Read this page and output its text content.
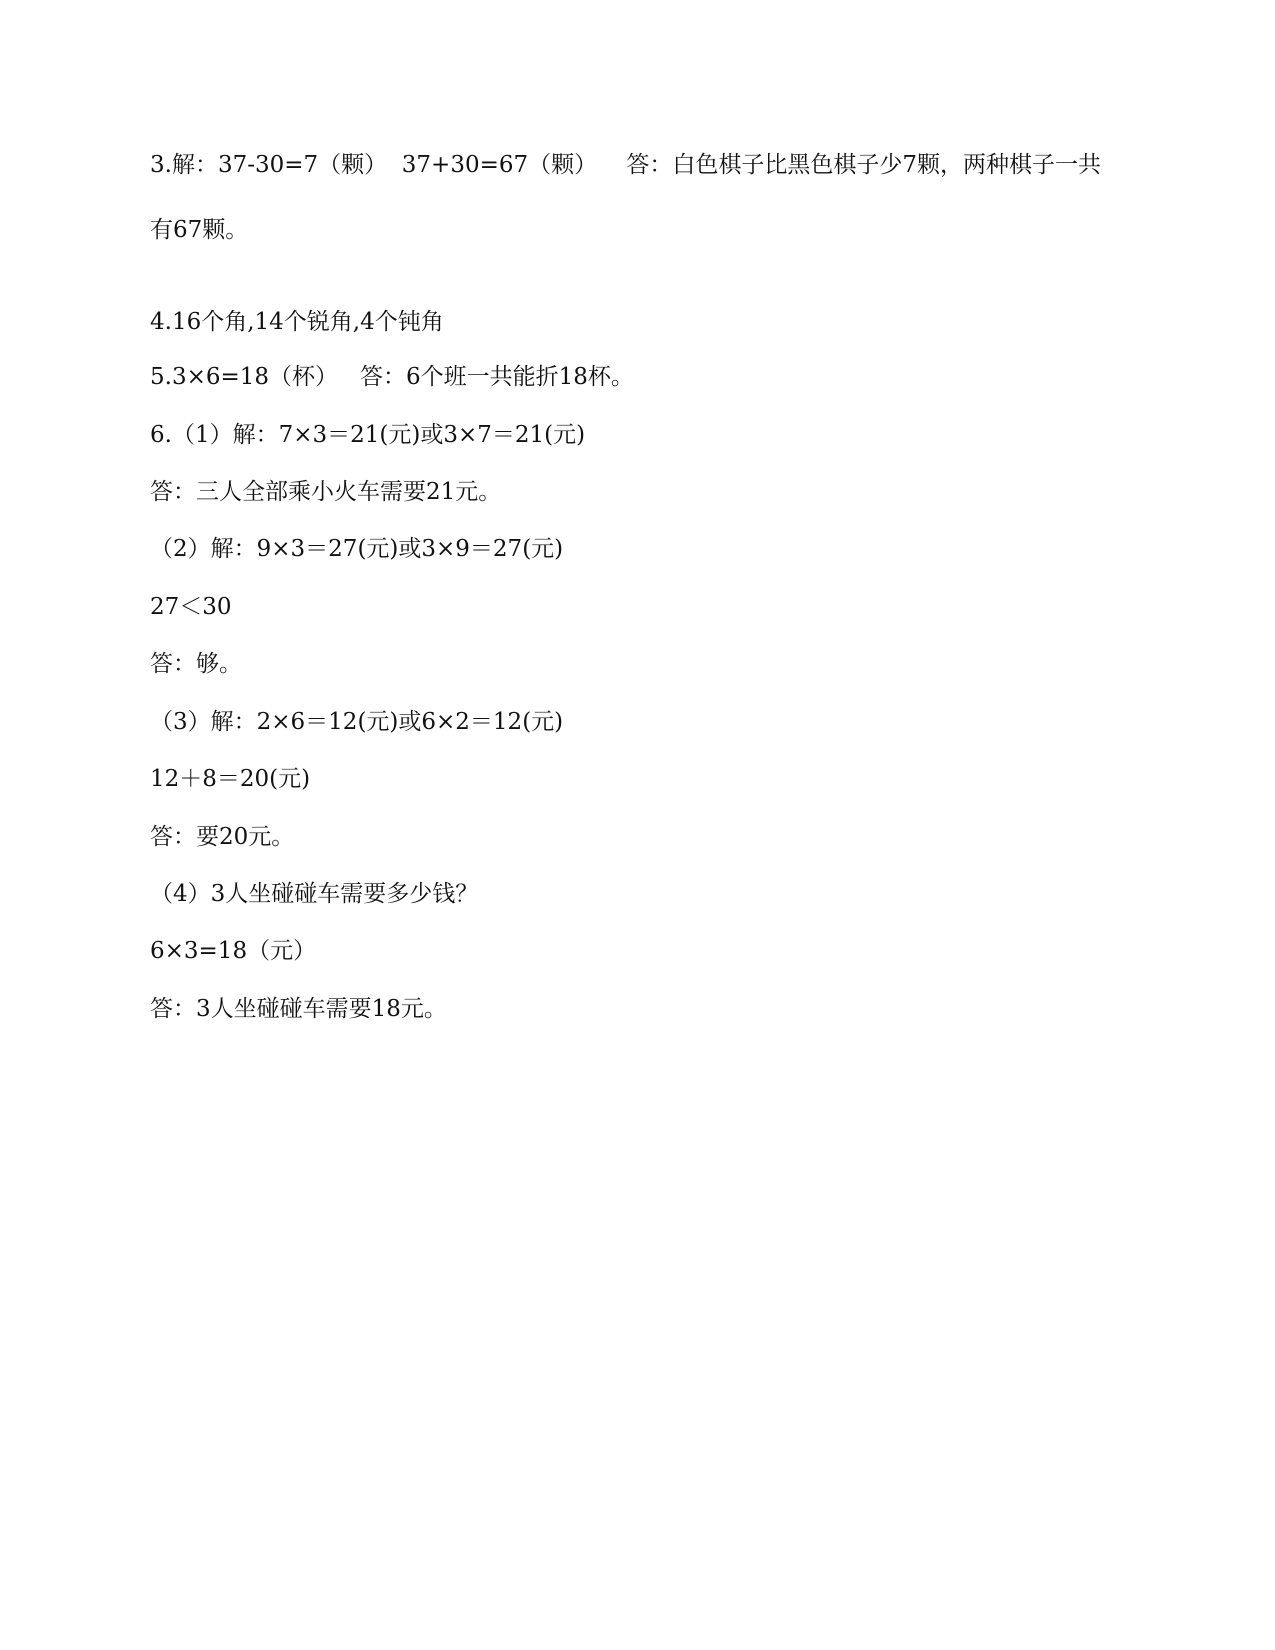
3.解：37-30=7（颗）  37+30=67（颗）    答：白色棋子比黑色棋子少7颗，两种棋子一共
有67颗。
4.16个角,14个锐角,4个钝角
5.3×6=18（杯）   答：6个班一共能折18杯。
6.（1）解：7×3＝21(元)或3×7＝21(元)
答：三人全部乘小火车需要21元。
（2）解：9×3＝27(元)或3×9＝27(元)
27＜30
答：够。
（3）解：2×6＝12(元)或6×2＝12(元)
12＋8＝20(元)
答：要20元。
（4）3人坐碰碰车需要多少钱？
6×3=18（元）
答：3人坐碰碰车需要18元。
